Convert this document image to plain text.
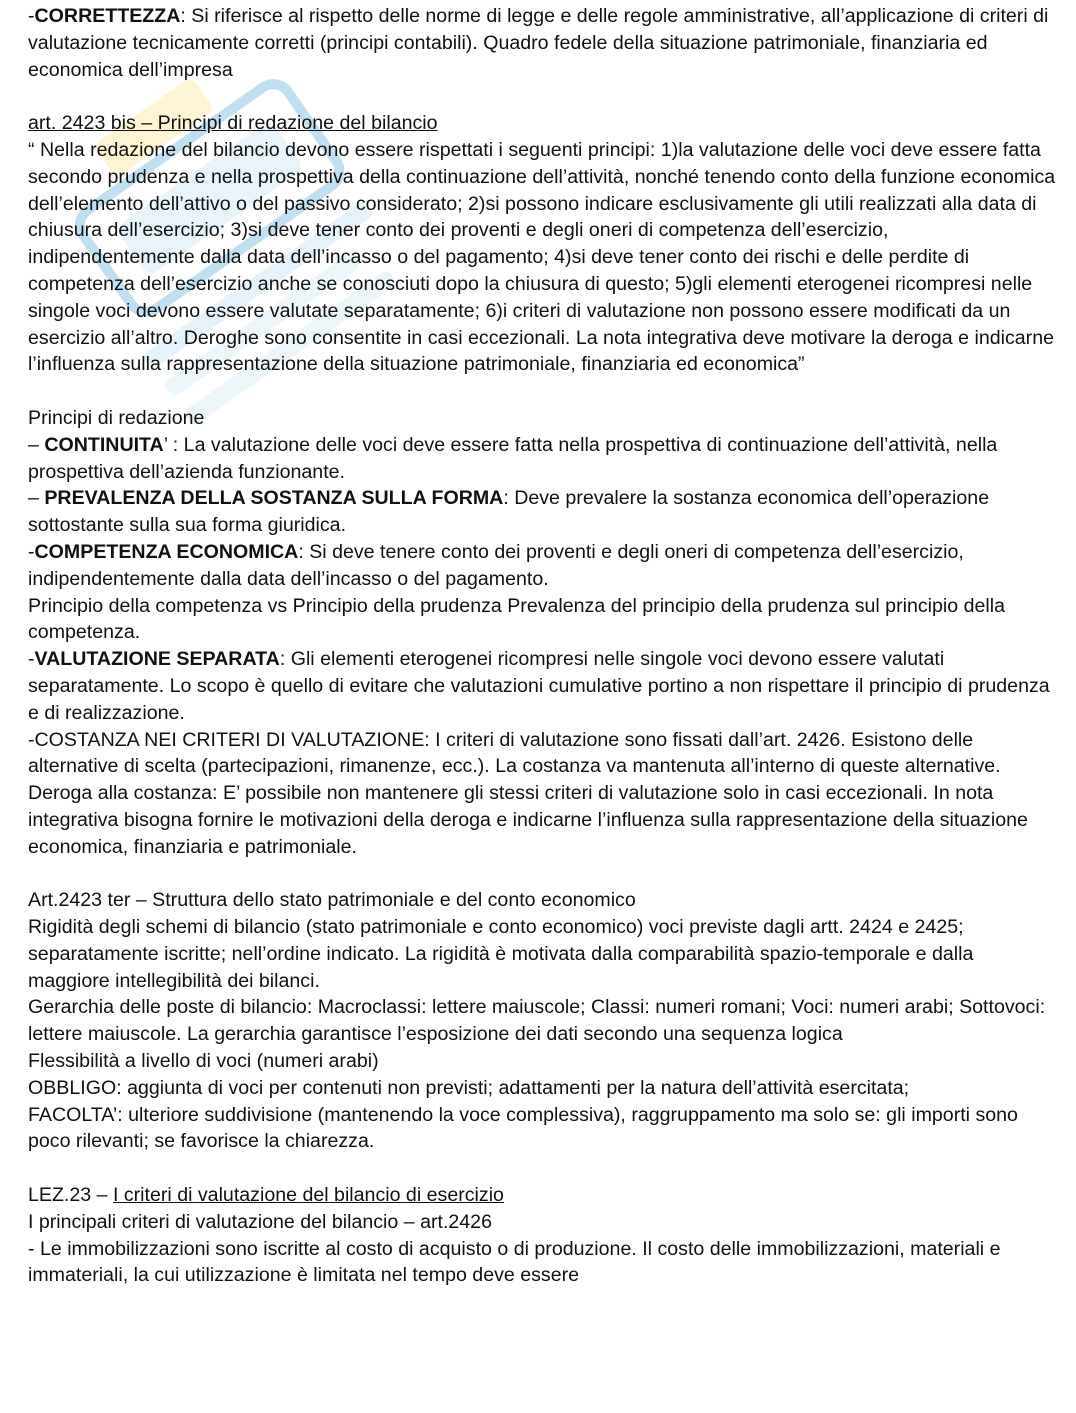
-CORRETTEZZA: Si riferisce al rispetto delle norme di legge e delle regole amministrative, all’applicazione di criteri di valutazione tecnicamente corretti (principi contabili). Quadro fedele della situazione patrimoniale, finanziaria ed economica dell’impresa

art. 2423 bis – Principi di redazione del bilancio

“ Nella redazione del bilancio devono essere rispettati i seguenti principi: 1)la valutazione delle voci deve essere fatta secondo prudenza e nella prospettiva della continuazione dell’attività, nonché tenendo conto della funzione economica dell’elemento dell’attivo o del passivo considerato; 2)si possono indicare esclusivamente gli utili realizzati alla data di chiusura dell’esercizio; 3)si deve tener conto dei proventi e degli oneri di competenza dell’esercizio, indipendentemente dalla data dell’incasso o del pagamento; 4)si deve tener conto dei rischi e delle perdite di competenza dell’esercizio anche se conosciuti dopo la chiusura di questo; 5)gli elementi eterogenei ricompresi nelle singole voci devono essere valutate separatamente; 6)i criteri di valutazione non possono essere modificati da un esercizio all’altro. Deroghe sono consentite in casi eccezionali. La nota integrativa deve motivare la deroga e indicarne l’influenza sulla rappresentazione della situazione patrimoniale, finanziaria ed economica”

Principi di redazione

– CONTINUITA’ : La valutazione delle voci deve essere fatta nella prospettiva di continuazione dell’attività, nella prospettiva dell’azienda funzionante.

– PREVALENZA DELLA SOSTANZA SULLA FORMA: Deve prevalere la sostanza economica dell’operazione sottostante sulla sua forma giuridica.

-COMPETENZA ECONOMICA: Si deve tenere conto dei proventi e degli oneri di competenza dell’esercizio, indipendentemente dalla data dell’incasso o del pagamento.

Principio della competenza vs Principio della prudenza Prevalenza del principio della prudenza sul principio della competenza.

-VALUTAZIONE SEPARATA: Gli elementi eterogenei ricompresi nelle singole voci devono essere valutati separatamente. Lo scopo è quello di evitare che valutazioni cumulative portino a non rispettare il principio di prudenza e di realizzazione.

-COSTANZA NEI CRITERI DI VALUTAZIONE: I criteri di valutazione sono fissati dall’art. 2426. Esistono delle alternative di scelta (partecipazioni, rimanenze, ecc.). La costanza va mantenuta all’interno di queste alternative. Deroga alla costanza: E’ possibile non mantenere gli stessi criteri di valutazione solo in casi eccezionali. In nota integrativa bisogna fornire le motivazioni della deroga e indicarne l’influenza sulla rappresentazione della situazione economica, finanziaria e patrimoniale.

Art.2423 ter – Struttura dello stato patrimoniale e del conto economico

Rigidità degli schemi di bilancio (stato patrimoniale e conto economico) voci previste dagli artt. 2424 e 2425; separatamente iscritte; nell’ordine indicato. La rigidità è motivata dalla comparabilità spazio-temporale e dalla maggiore intellegibilità dei bilanci.

Gerarchia delle poste di bilancio: Macroclassi: lettere maiuscole; Classi: numeri romani; Voci: numeri arabi; Sottovoci: lettere maiuscole. La gerarchia garantisce l’esposizione dei dati secondo una sequenza logica

Flessibilità a livello di voci (numeri arabi)

OBBLIGO: aggiunta di voci per contenuti non previsti; adattamenti per la natura dell’attività esercitata;

FACOLTA’: ulteriore suddivisione (mantenendo la voce complessiva), raggruppamento ma solo se: gli importi sono poco rilevanti; se favorisce la chiarezza.

LEZ.23 – I criteri di valutazione del bilancio di esercizio

I principali criteri di valutazione del bilancio – art.2426

- Le immobilizzazioni sono iscritte al costo di acquisto o di produzione. Il costo delle immobilizzazioni, materiali e immateriali, la cui utilizzazione è limitata nel tempo deve essere
